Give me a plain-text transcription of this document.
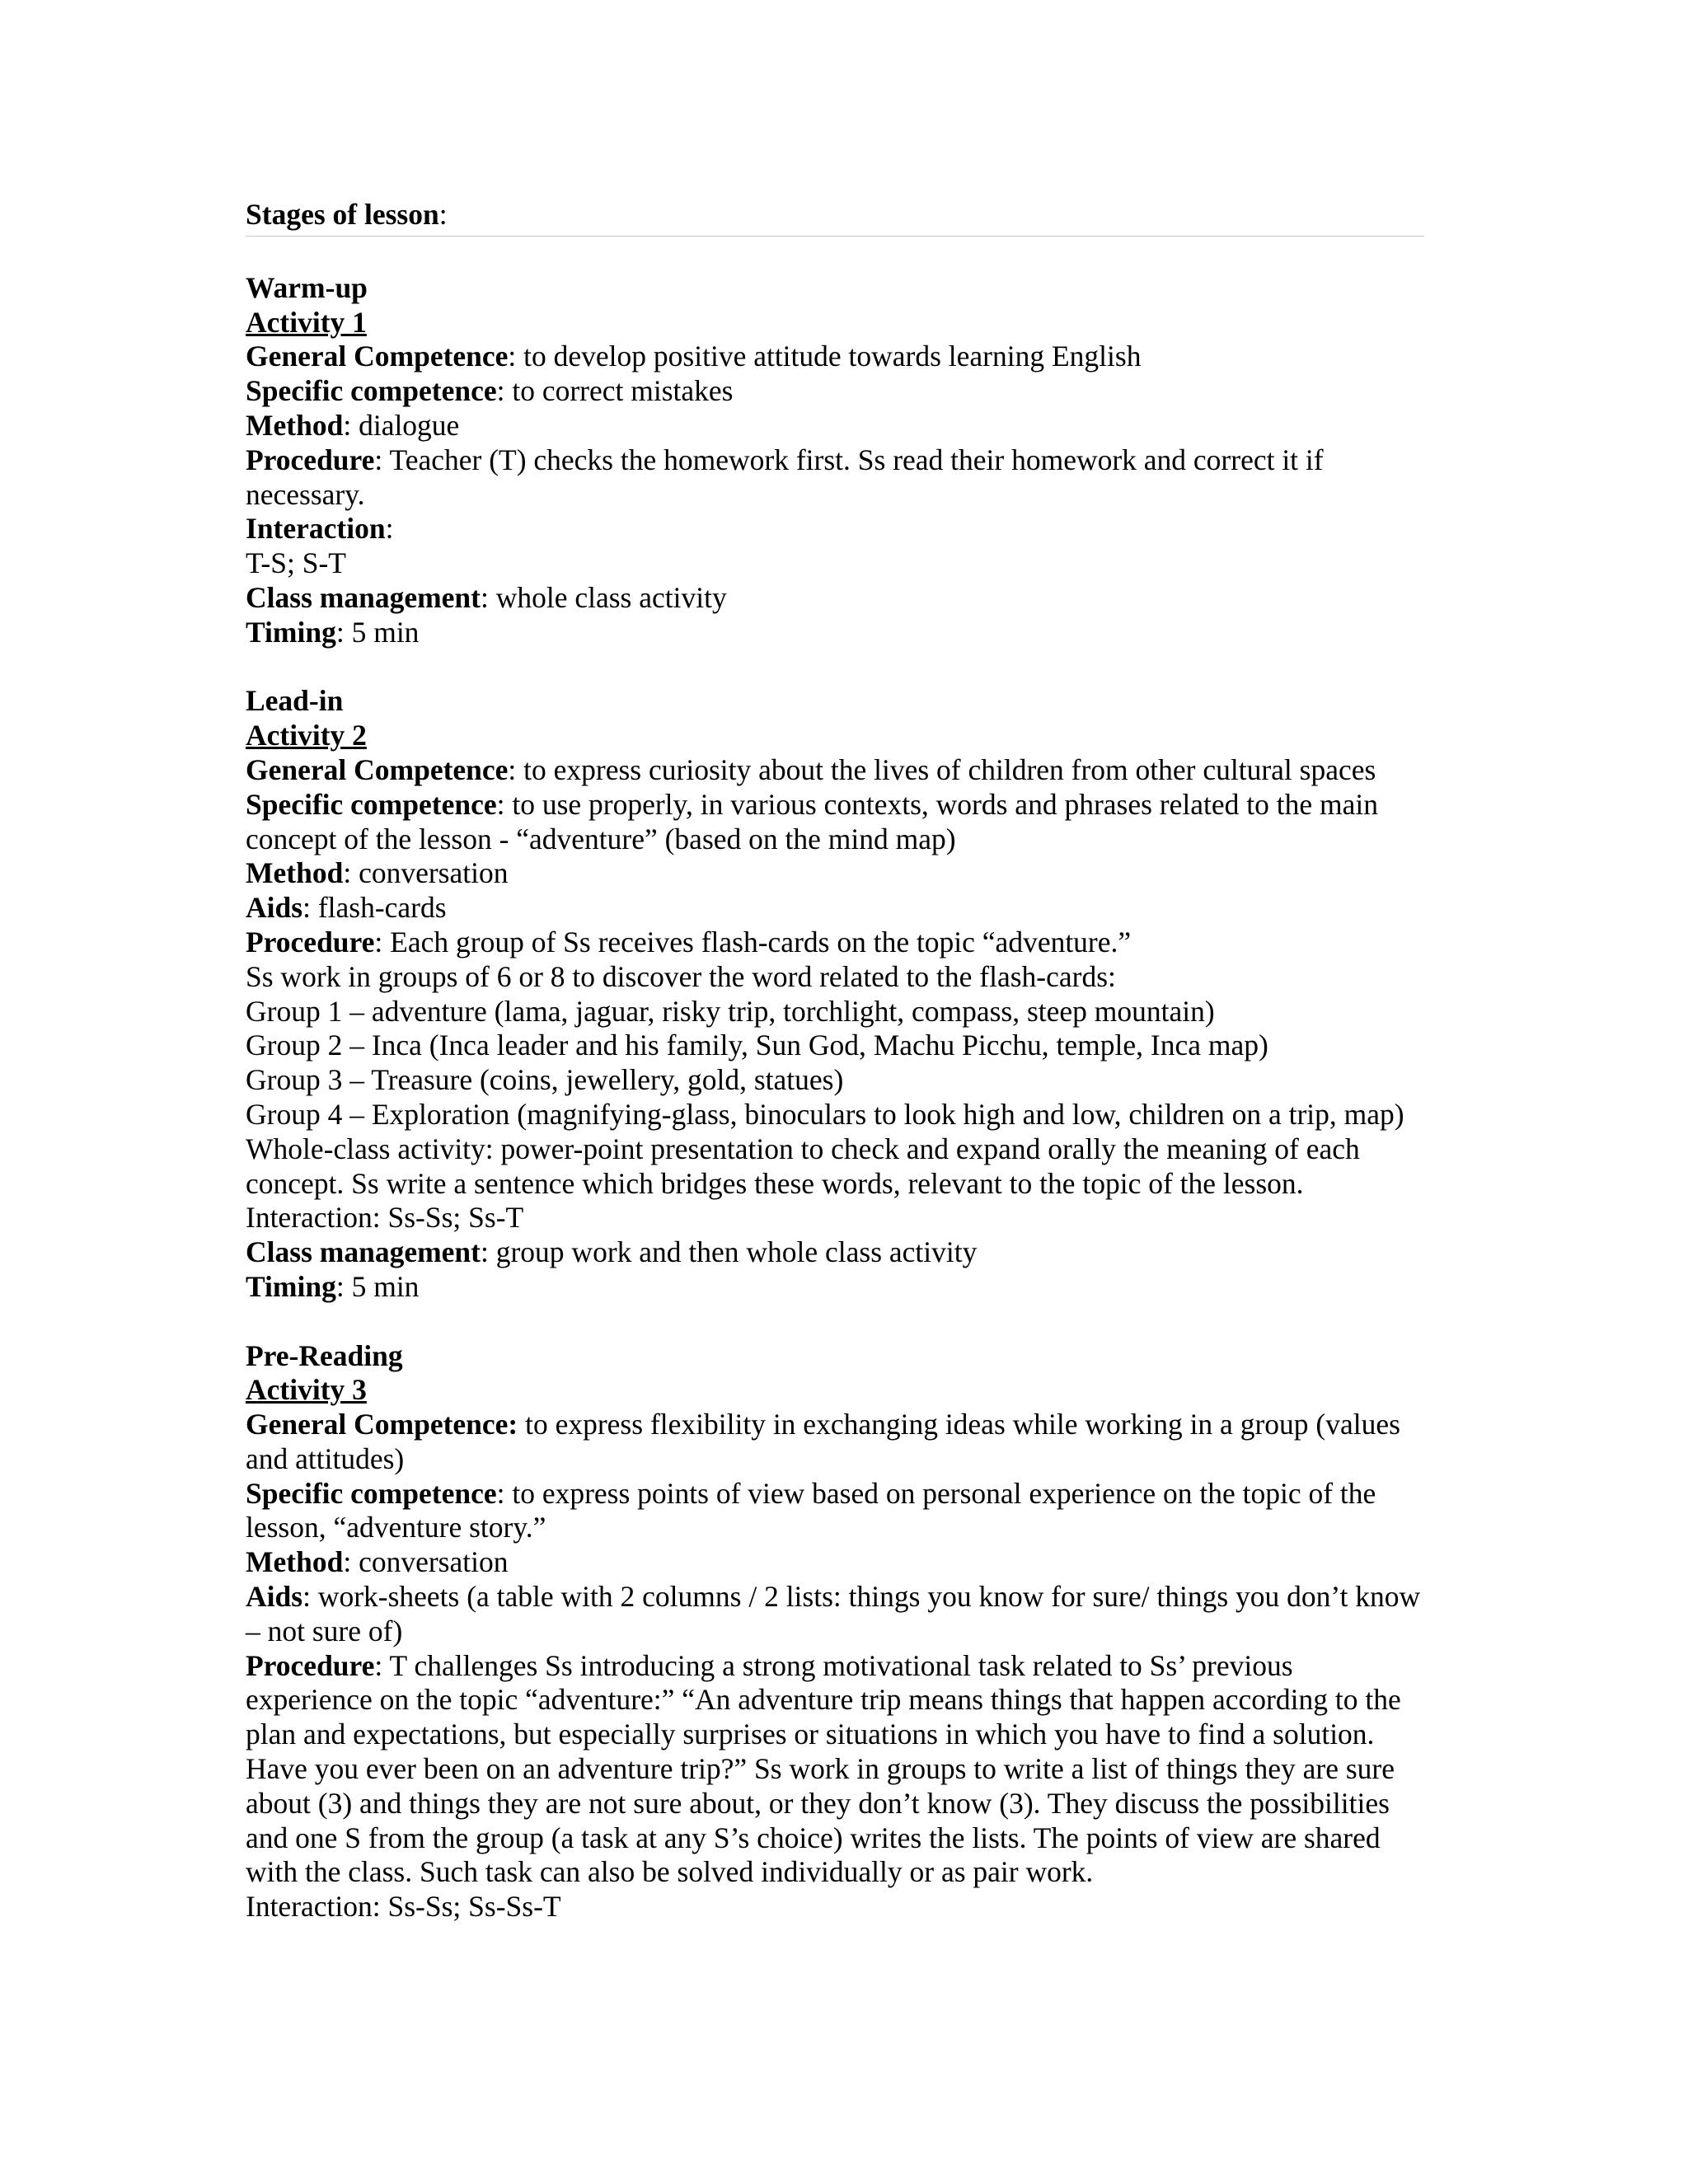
Stages of lesson:
Warm-up
Activity 1
General Competence: to develop positive attitude towards learning English
Specific competence: to correct mistakes
Method: dialogue
Procedure: Teacher (T) checks the homework first. Ss read their homework and correct it if necessary.
Interaction:
T-S; S-T
Class management: whole class activity
Timing: 5 min
Lead-in
Activity 2
General Competence: to express curiosity about the lives of children from other cultural spaces
Specific competence: to use properly, in various contexts, words and phrases related to the main concept of the lesson - “adventure” (based on the mind map)
Method: conversation
Aids: flash-cards
Procedure: Each group of Ss receives flash-cards on the topic “adventure.”
Ss work in groups of 6 or 8 to discover the word related to the flash-cards:
Group 1 – adventure (lama, jaguar, risky trip, torchlight, compass, steep mountain)
Group 2 – Inca (Inca leader and his family, Sun God, Machu Picchu, temple, Inca map)
Group 3 – Treasure (coins, jewellery, gold, statues)
Group 4 – Exploration (magnifying-glass, binoculars to look high and low, children on a trip, map)
Whole-class activity: power-point presentation to check and expand orally the meaning of each concept. Ss write a sentence which bridges these words, relevant to the topic of the lesson.
Interaction: Ss-Ss; Ss-T
Class management: group work and then whole class activity
Timing: 5 min
Pre-Reading
Activity 3
General Competence: to express flexibility in exchanging ideas while working in a group (values and attitudes)
Specific competence: to express points of view based on personal experience on the topic of the lesson, “adventure story.”
Method: conversation
Aids: work-sheets (a table with 2 columns / 2 lists: things you know for sure/ things you don’t know – not sure of)
Procedure: T challenges Ss introducing a strong motivational task related to Ss’ previous experience on the topic “adventure:” “An adventure trip means things that happen according to the plan and expectations, but especially surprises or situations in which you have to find a solution. Have you ever been on an adventure trip?” Ss work in groups to write a list of things they are sure about (3) and things they are not sure about, or they don’t know (3). They discuss the possibilities and one S from the group (a task at any S’s choice) writes the lists. The points of view are shared with the class. Such task can also be solved individually or as pair work.
Interaction: Ss-Ss; Ss-Ss-T
